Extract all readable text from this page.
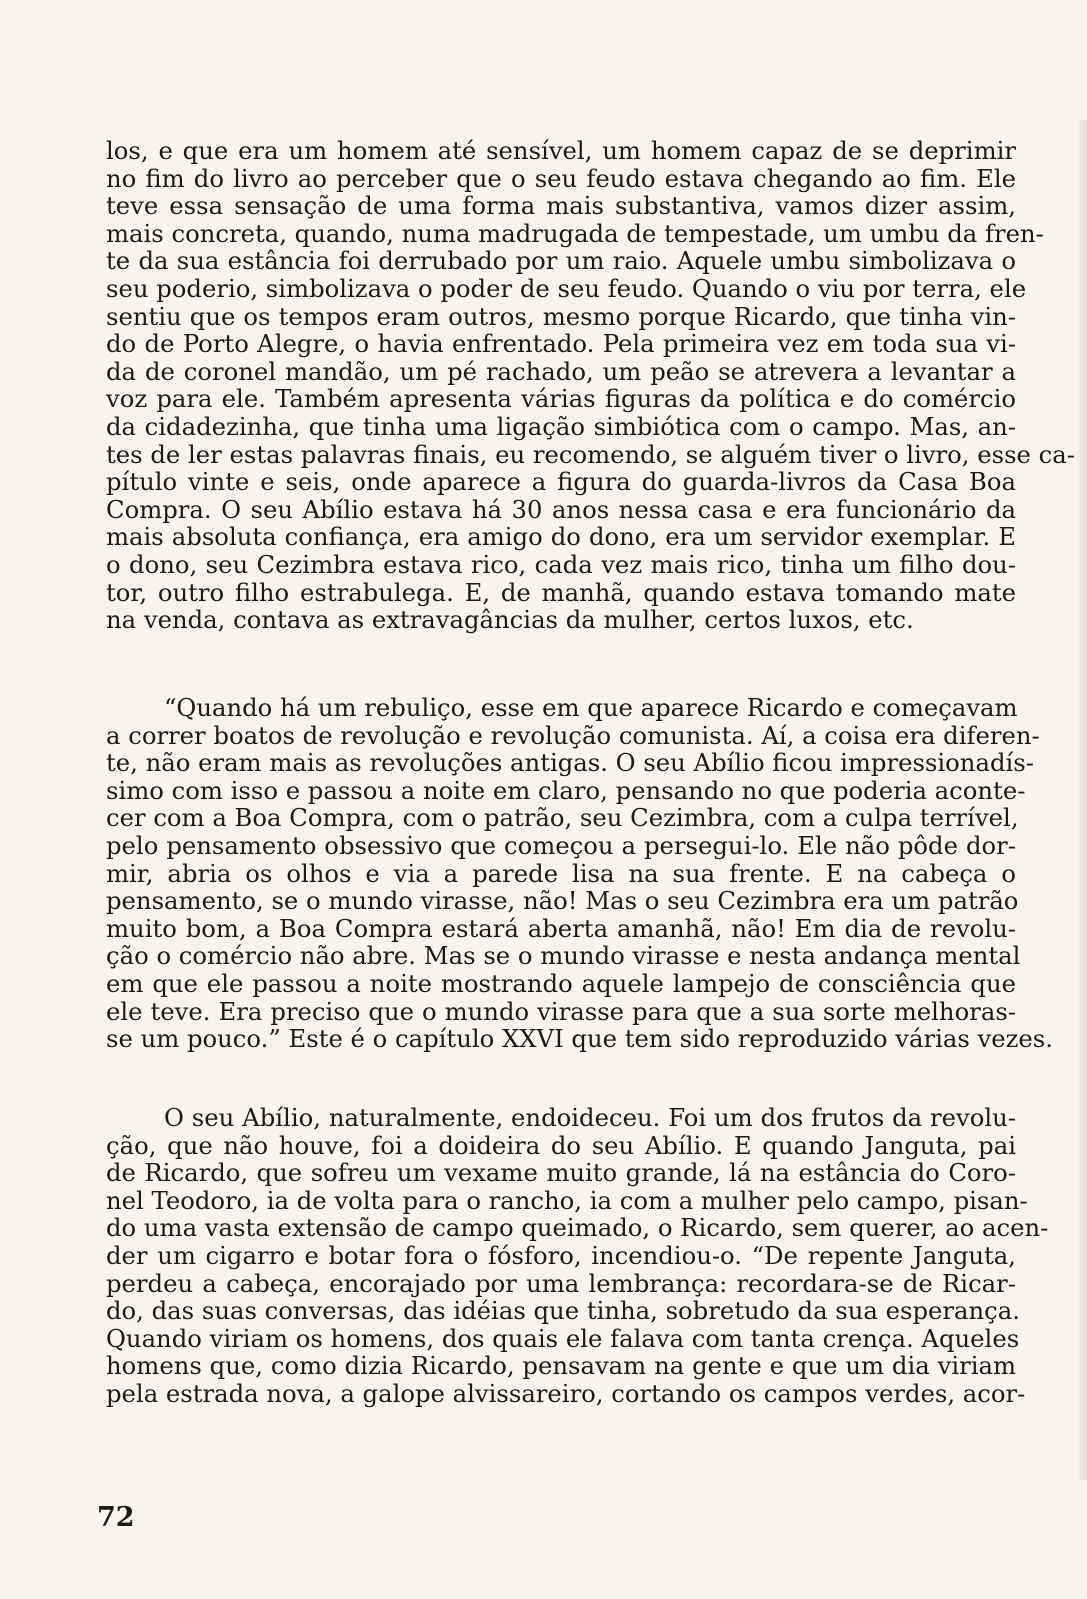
los, e que era um homem até sensível, um homem capaz de se deprimir
no fim do livro ao perceber que o seu feudo estava chegando ao fim. Ele
teve essa sensação de uma forma mais substantiva, vamos dizer assim,
mais concreta, quando, numa madrugada de tempestade, um umbu da fren-
te da sua estância foi derrubado por um raio. Aquele umbu simbolizava o
seu poderio, simbolizava o poder de seu feudo. Quando o viu por terra, ele
sentiu que os tempos eram outros, mesmo porque Ricardo, que tinha vin-
do de Porto Alegre, o havia enfrentado. Pela primeira vez em toda sua vi-
da de coronel mandão, um pé rachado, um peão se atrevera a levantar a
voz para ele. Também apresenta várias figuras da política e do comércio
da cidadezinha, que tinha uma ligação simbiótica com o campo. Mas, an-
tes de ler estas palavras finais, eu recomendo, se alguém tiver o livro, esse ca-
pítulo vinte e seis, onde aparece a figura do guarda-livros da Casa Boa
Compra. O seu Abílio estava há 30 anos nessa casa e era funcionário da
mais absoluta confiança, era amigo do dono, era um servidor exemplar. E
o dono, seu Cezimbra estava rico, cada vez mais rico, tinha um filho dou-
tor, outro filho estrabulega. E, de manhã, quando estava tomando mate
na venda, contava as extravagâncias da mulher, certos luxos, etc.

“Quando há um rebuliço, esse em que aparece Ricardo e começavam
a correr boatos de revolução e revolução comunista. Aí, a coisa era diferen-
te, não eram mais as revoluções antigas. O seu Abílio ficou impressionadís-
simo com isso e passou a noite em claro, pensando no que poderia aconte-
cer com a Boa Compra, com o patrão, seu Cezimbra, com a culpa terrível,
pelo pensamento obsessivo que começou a persegui-lo. Ele não pôde dor-
mir, abria os olhos e via a parede lisa na sua frente. E na cabeça o
pensamento, se o mundo virasse, não! Mas o seu Cezimbra era um patrão
muito bom, a Boa Compra estará aberta amanhã, não! Em dia de revolu-
ção o comércio não abre. Mas se o mundo virasse e nesta andança mental
em que ele passou a noite mostrando aquele lampejo de consciência que
ele teve. Era preciso que o mundo virasse para que a sua sorte melhoras-
se um pouco.” Este é o capítulo XXVI que tem sido reproduzido várias vezes.

O seu Abílio, naturalmente, endoideceu. Foi um dos frutos da revolu-
ção, que não houve, foi a doideira do seu Abílio. E quando Janguta, pai
de Ricardo, que sofreu um vexame muito grande, lá na estância do Coro-
nel Teodoro, ia de volta para o rancho, ia com a mulher pelo campo, pisan-
do uma vasta extensão de campo queimado, o Ricardo, sem querer, ao acen-
der um cigarro e botar fora o fósforo, incendiou-o. “De repente Janguta,
perdeu a cabeça, encorajado por uma lembrança: recordara-se de Ricar-
do, das suas conversas, das idéias que tinha, sobretudo da sua esperança.
Quando viriam os homens, dos quais ele falava com tanta crença. Aqueles
homens que, como dizia Ricardo, pensavam na gente e que um dia viriam
pela estrada nova, a galope alvissareiro, cortando os campos verdes, acor-

72
